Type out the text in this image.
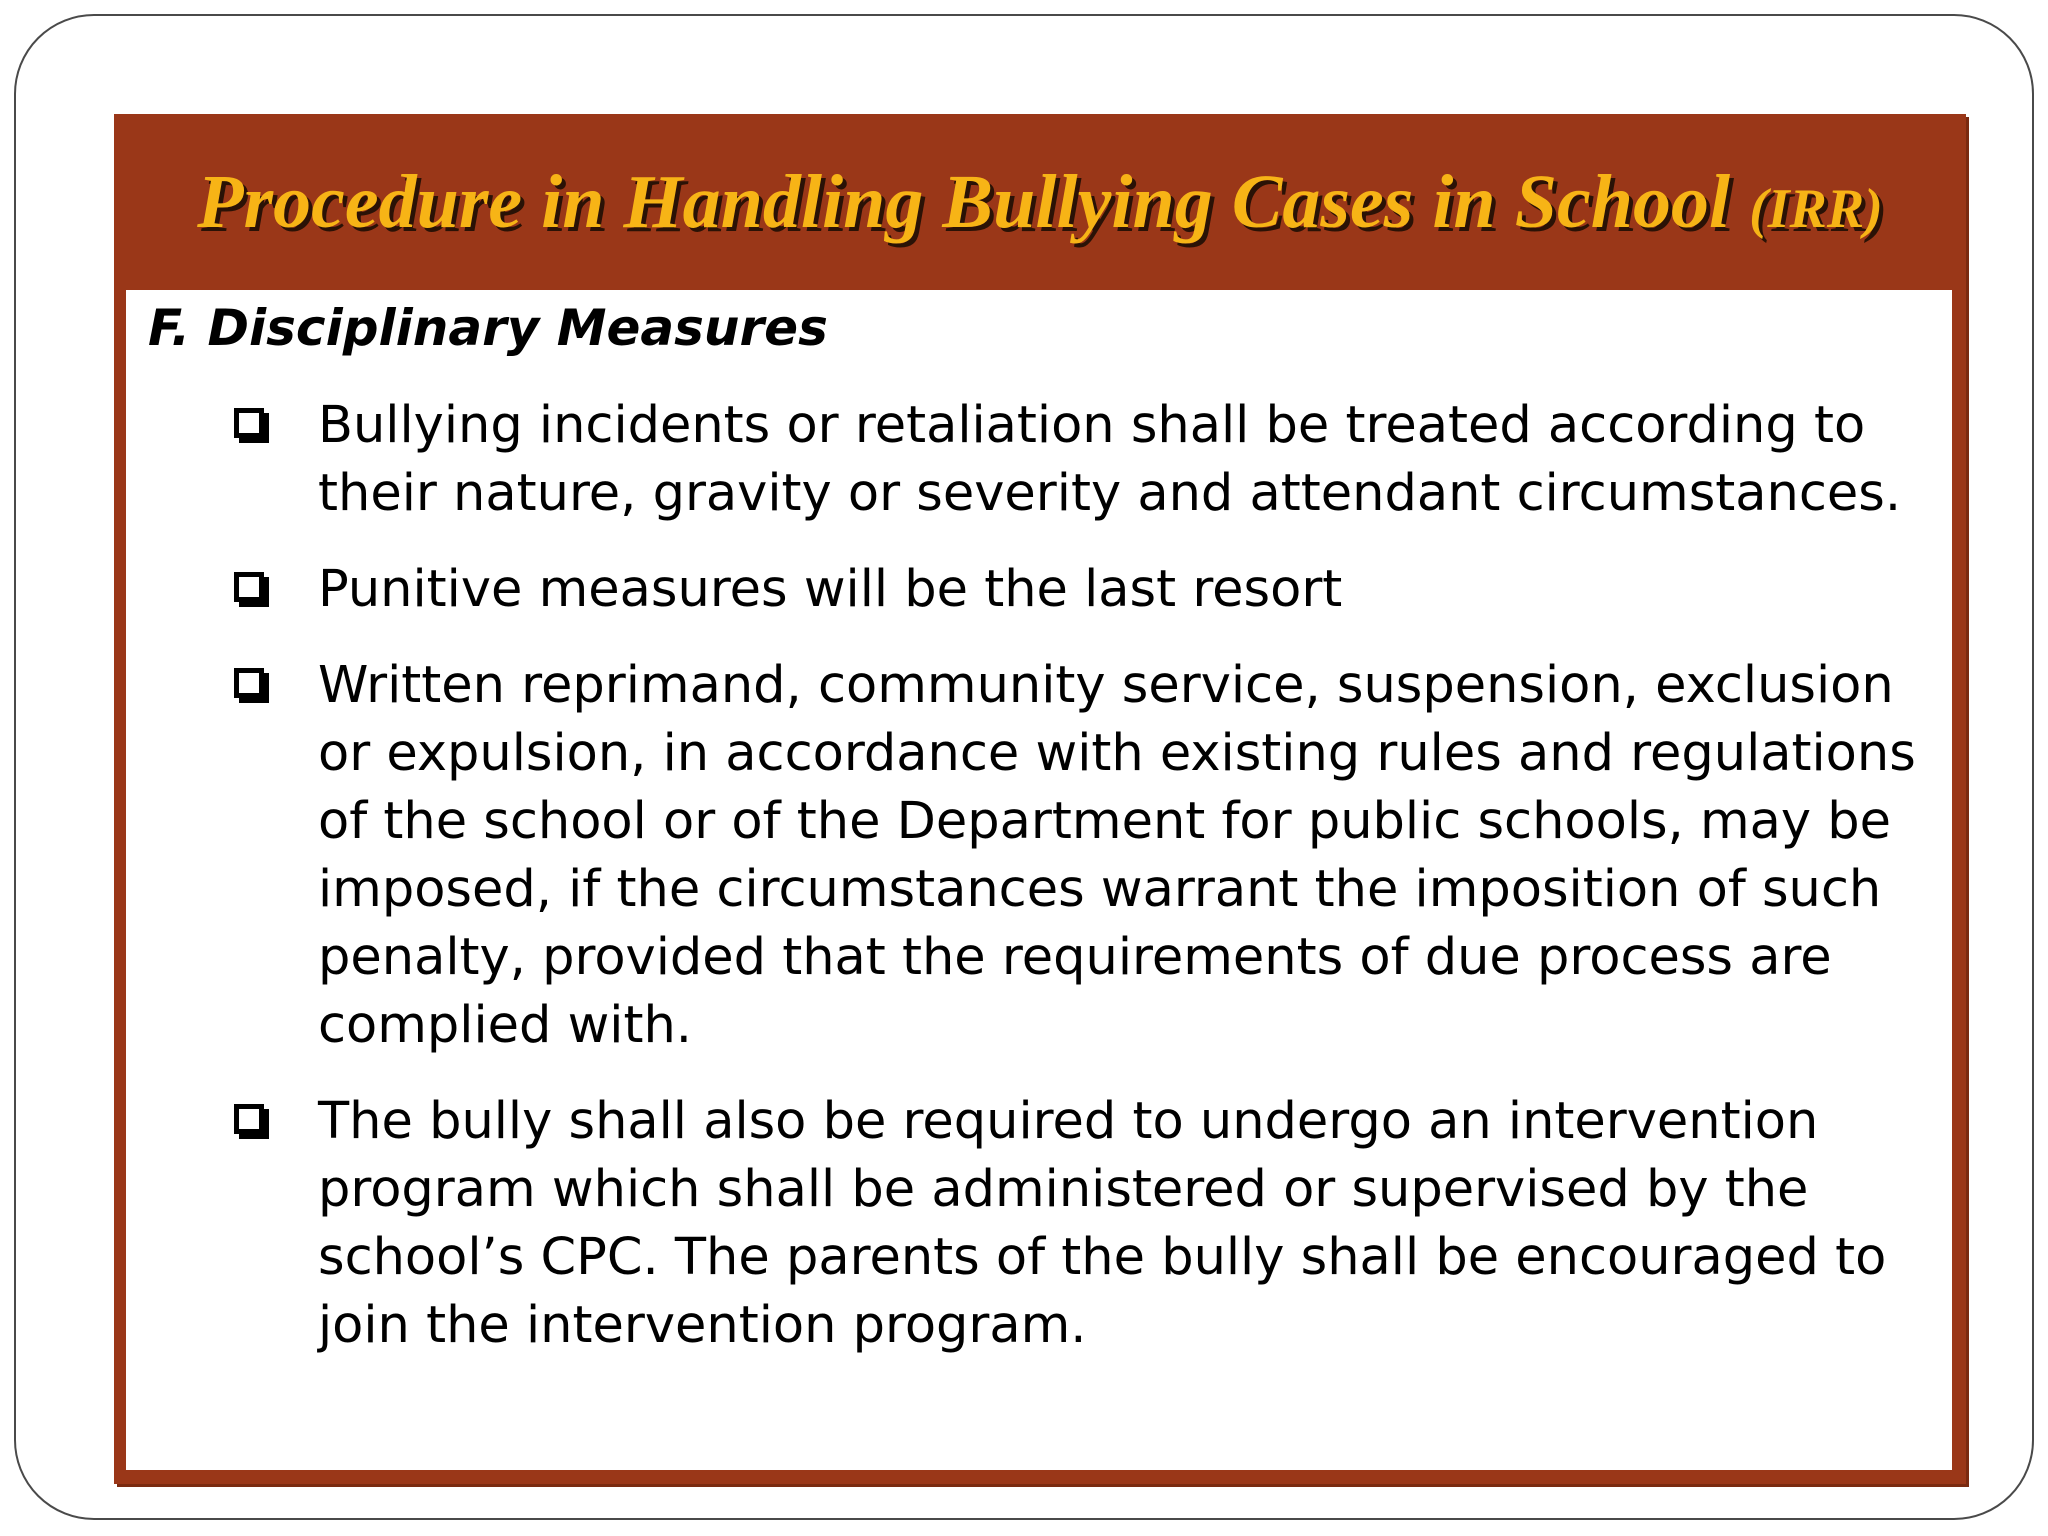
Procedure in Handling Bullying Cases in School (IRR)
F. Disciplinary Measures
Bullying incidents or retaliation shall be treated according to their nature, gravity or severity and attendant circumstances.
Punitive measures will be the last resort
Written reprimand, community service, suspension, exclusion or expulsion, in accordance with existing rules and regulations of the school or of the Department for public schools, may be imposed, if the circumstances warrant the imposition of such penalty, provided that the requirements of due process are complied with.
The bully shall also be required to undergo an intervention program which shall be administered or supervised by the school’s CPC. The parents of the bully shall be encouraged to join the intervention program.
